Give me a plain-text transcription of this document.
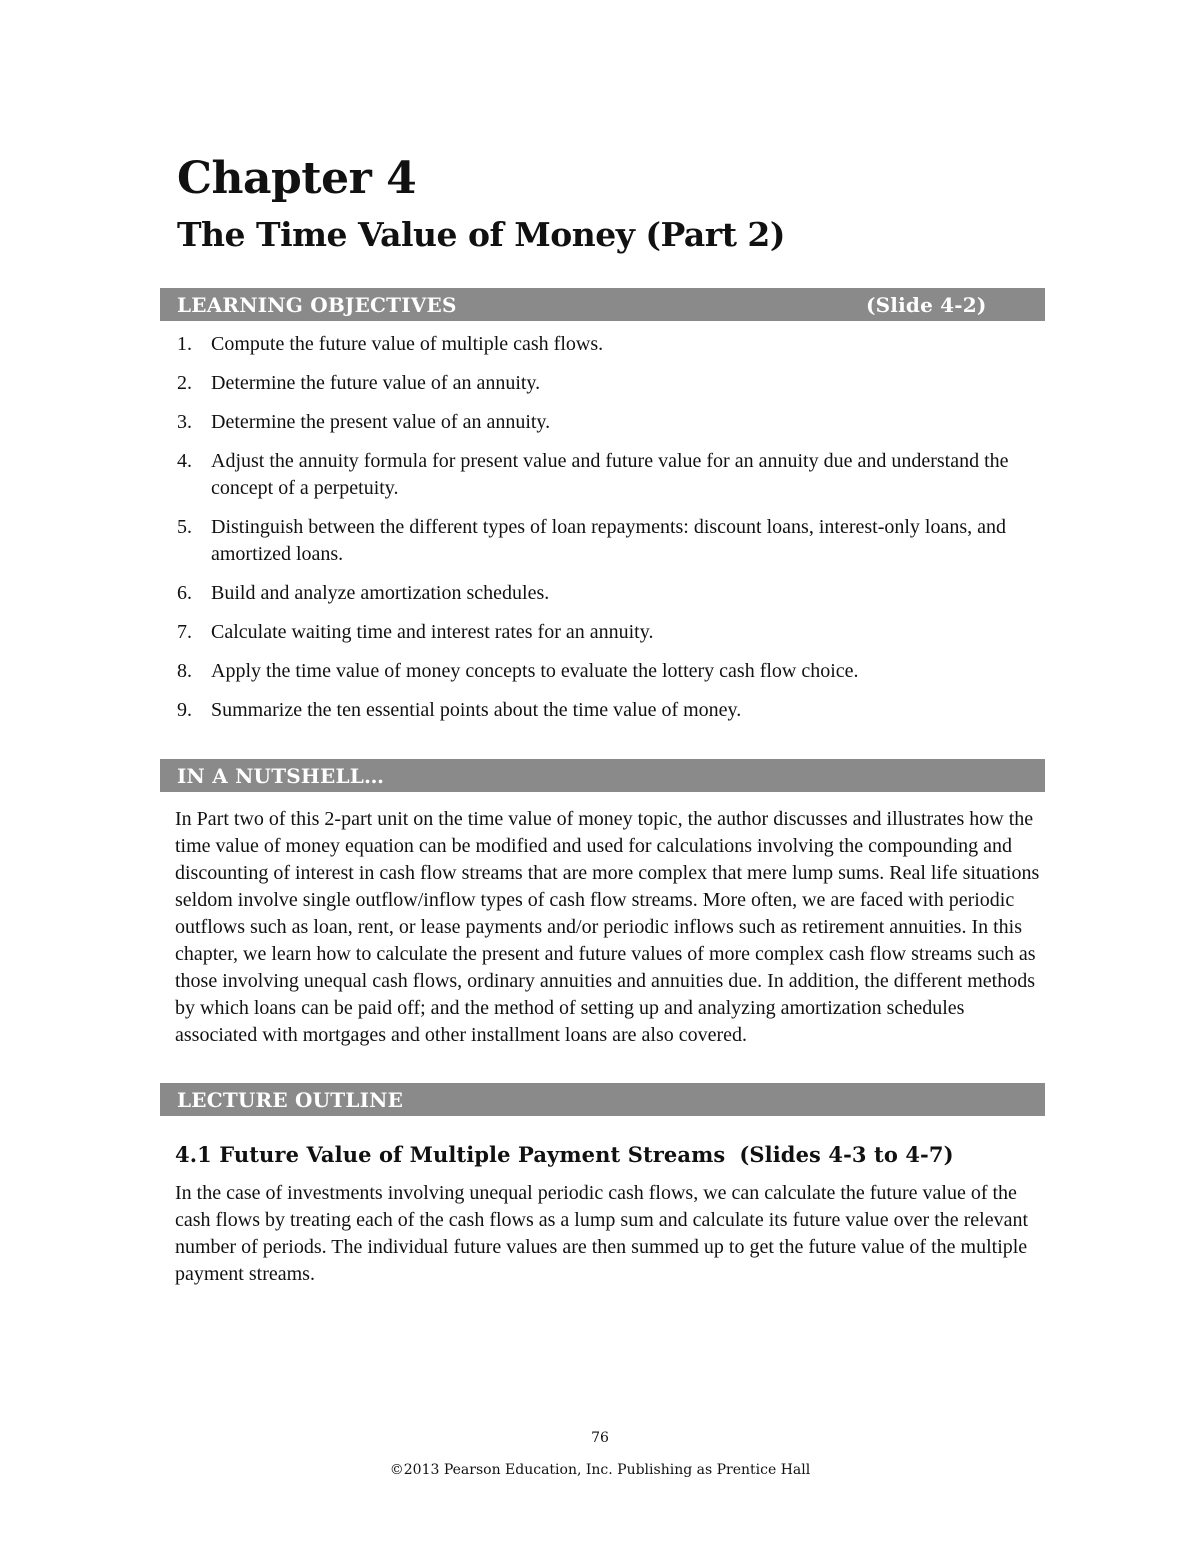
Chapter 4
The Time Value of Money (Part 2)
LEARNING OBJECTIVES	(Slide 4-2)
1. Compute the future value of multiple cash flows.
2. Determine the future value of an annuity.
3. Determine the present value of an annuity.
4. Adjust the annuity formula for present value and future value for an annuity due and understand the concept of a perpetuity.
5. Distinguish between the different types of loan repayments: discount loans, interest-only loans, and amortized loans.
6. Build and analyze amortization schedules.
7. Calculate waiting time and interest rates for an annuity.
8. Apply the time value of money concepts to evaluate the lottery cash flow choice.
9. Summarize the ten essential points about the time value of money.
IN A NUTSHELL…
In Part two of this 2-part unit on the time value of money topic, the author discusses and illustrates how the time value of money equation can be modified and used for calculations involving the compounding and discounting of interest in cash flow streams that are more complex that mere lump sums. Real life situations seldom involve single outflow/inflow types of cash flow streams. More often, we are faced with periodic outflows such as loan, rent, or lease payments and/or periodic inflows such as retirement annuities. In this chapter, we learn how to calculate the present and future values of more complex cash flow streams such as those involving unequal cash flows, ordinary annuities and annuities due. In addition, the different methods by which loans can be paid off; and the method of setting up and analyzing amortization schedules associated with mortgages and other installment loans are also covered.
LECTURE OUTLINE
4.1 Future Value of Multiple Payment Streams (Slides 4-3 to 4-7)
In the case of investments involving unequal periodic cash flows, we can calculate the future value of the cash flows by treating each of the cash flows as a lump sum and calculate its future value over the relevant number of periods. The individual future values are then summed up to get the future value of the multiple payment streams.
76
©2013 Pearson Education, Inc. Publishing as Prentice Hall
